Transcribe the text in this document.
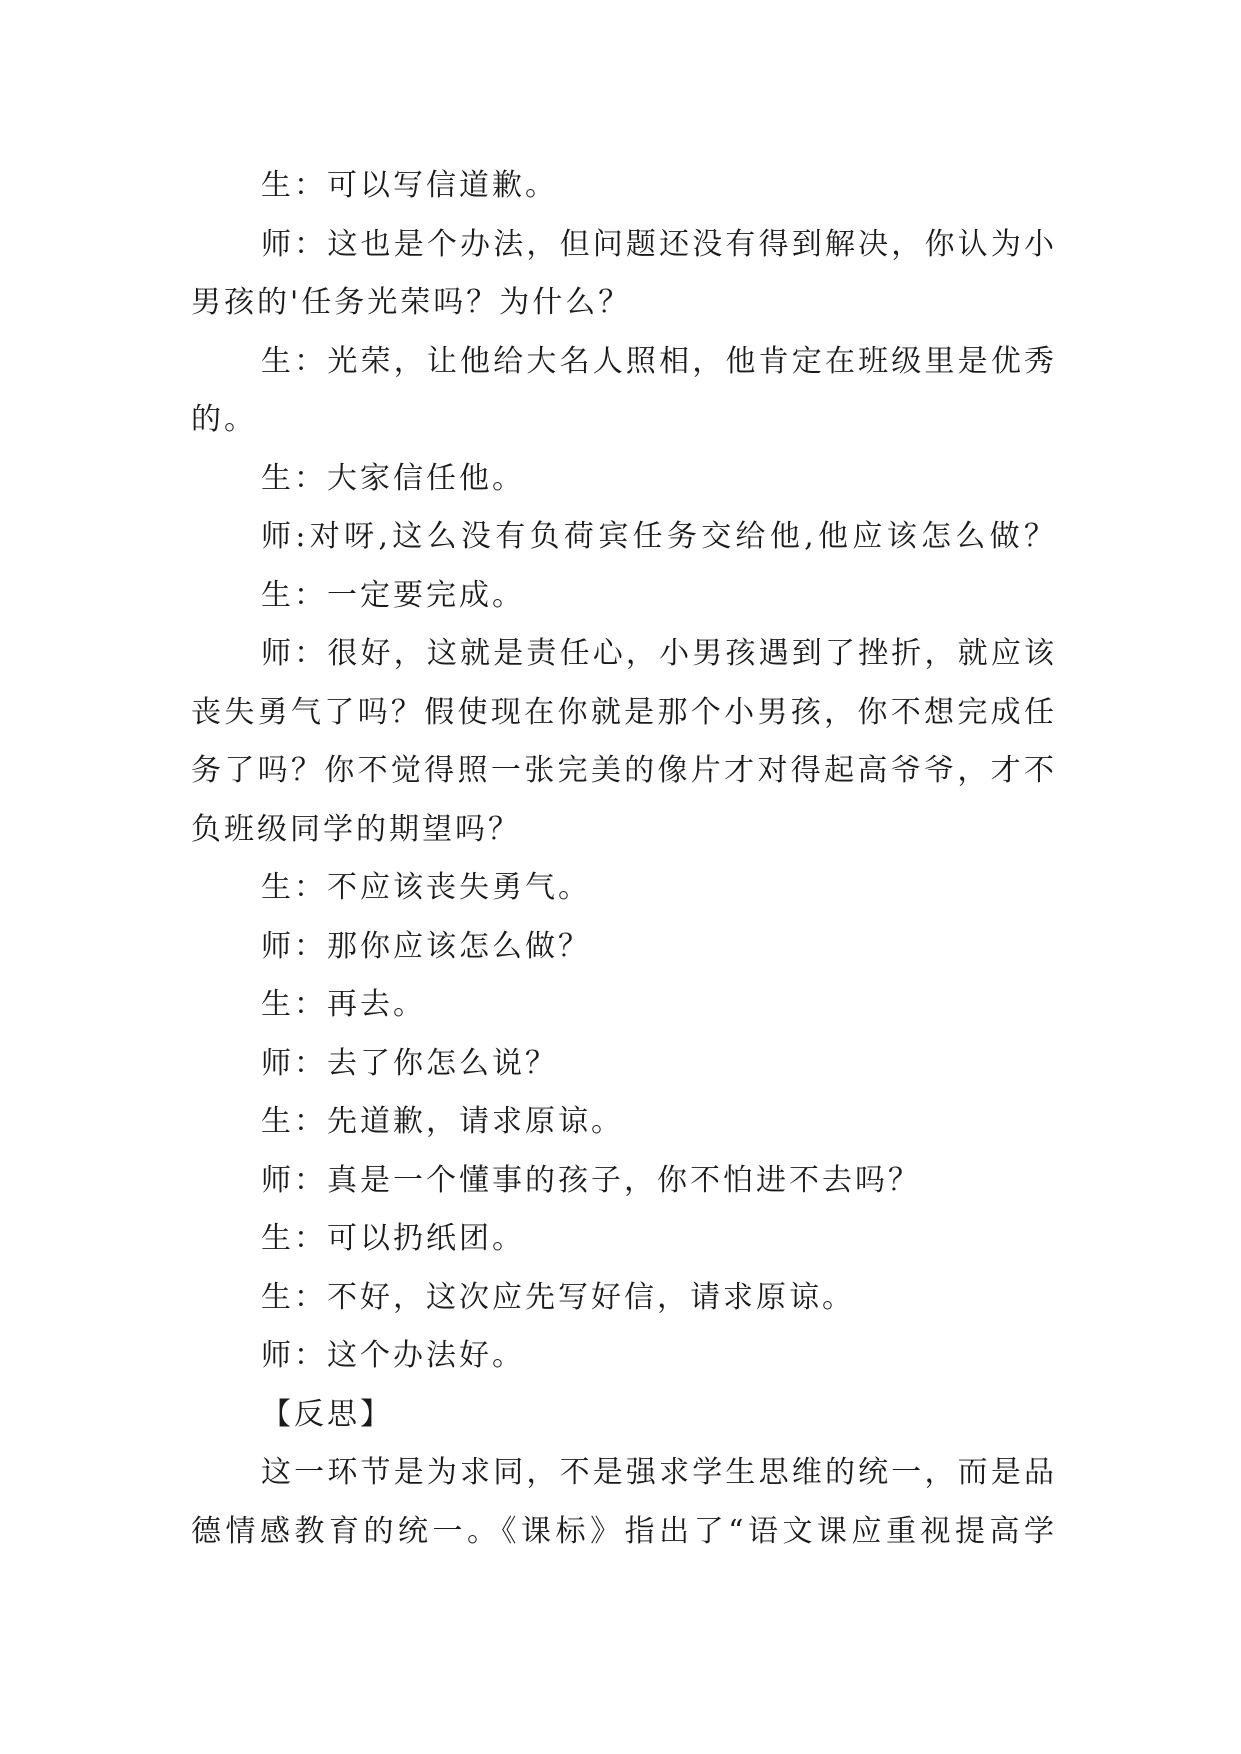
生：可以写信道歉。
师：这也是个办法，但问题还没有得到解决，你认为小
男孩的'任务光荣吗？为什么？
生：光荣，让他给大名人照相，他肯定在班级里是优秀
的。
生：大家信任他。
师:对呀,这么没有负荷宾任务交给他,他应该怎么做？
生：一定要完成。
师：很好，这就是责任心，小男孩遇到了挫折，就应该
丧失勇气了吗？假使现在你就是那个小男孩，你不想完成任
务了吗？你不觉得照一张完美的像片才对得起高爷爷，才不
负班级同学的期望吗？
生：不应该丧失勇气。
师：那你应该怎么做？
生：再去。
师：去了你怎么说？
生：先道歉，请求原谅。
师：真是一个懂事的孩子，你不怕进不去吗？
生：可以扔纸团。
生：不好，这次应先写好信，请求原谅。
师：这个办法好。
【反思】
这一环节是为求同，不是强求学生思维的统一，而是品
德情感教育的统一。《课标》指出了“语文课应重视提高学
